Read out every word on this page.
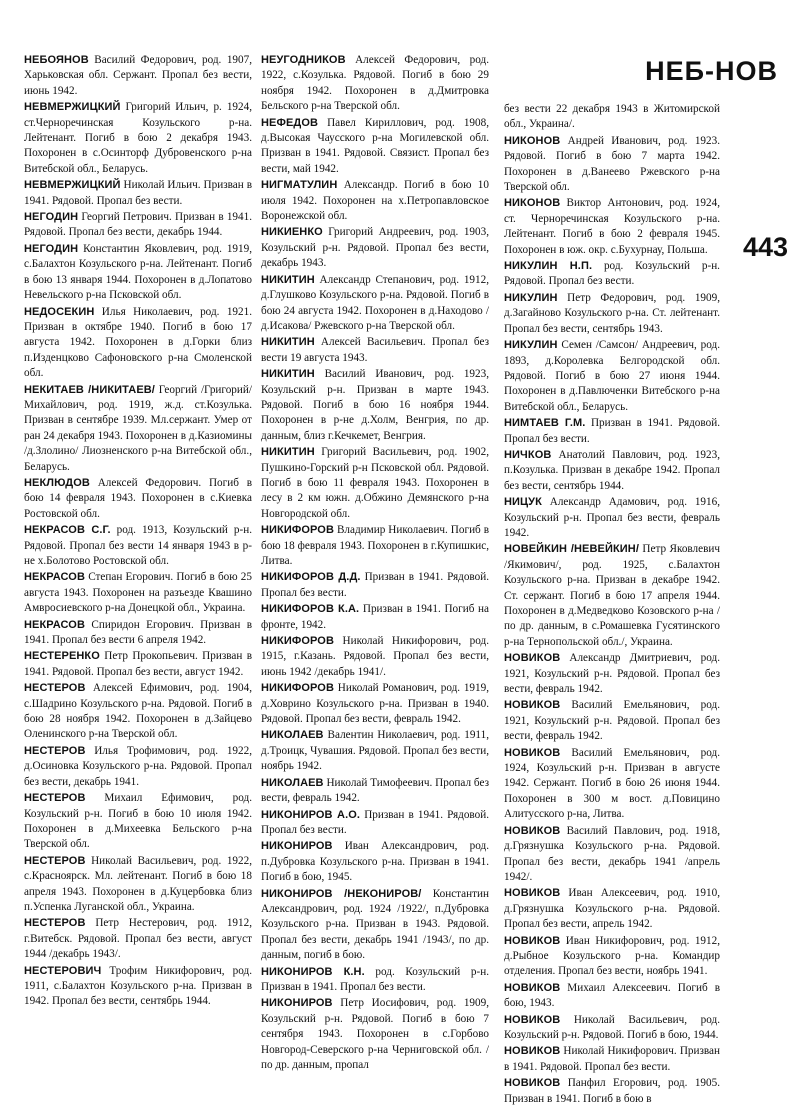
НЕБ-НОВ
443

НЕБОЯНОВ Василий Федорович, род. 1907, Харьковская обл. Сержант. Пропал без вести, июнь 1942.

НЕВМЕРЖИЦКИЙ Григорий Ильич, р. 1924, ст.Черноречинская Козульского р-на. Лейтенант. Погиб в бою 2 декабря 1943. Похоронен в с.Осинторф Дубровенского р-на Витебской обл., Беларусь.

НЕВМЕРЖИЦКИЙ Николай Ильич. Призван в 1941. Рядовой. Пропал без вести.

НЕГОДИН Георгий Петрович. Призван в 1941. Рядовой. Пропал без вести, декабрь 1944.

НЕГОДИН Константин Яковлевич, род. 1919, с.Балахтон Козульского р-на. Лейтенант. Погиб в бою 13 января 1944. Похоронен в д.Лопатово Невельского р-на Псковской обл.

НЕДОСЕКИН Илья Николаевич, род. 1921. Призван в октябре 1940. Погиб в бою 17 августа 1942. Похоронен в д.Горки близ п.Изденцково Сафоновского р-на Смоленской обл.

НЕКИТАЕВ /НИКИТАЕВ/ Георгий /Григорий/ Михайлович, род. 1919, ж.д. ст.Козулька. Призван в сентябре 1939. Мл.сержант. Умер от ран 24 декабря 1943. Похоронен в д.Казиомины /д.Злолино/ Лиозненского р-на Витебской обл., Беларусь.

НЕКЛЮДОВ Алексей Федорович. Погиб в бою 14 февраля 1943. Похоронен в с.Киевка Ростовской обл.

НЕКРАСОВ С.Г. род. 1913, Козульский р-н. Рядовой. Пропал без вести 14 января 1943 в р-не х.Болотово Ростовской обл.

НЕКРАСОВ Степан Егорович. Погиб в бою 25 августа 1943. Похоронен на разъезде Квашино Амвросиевского р-на Донецкой обл., Украина.

НЕКРАСОВ Спиридон Егорович. Призван в 1941. Пропал без вести 6 апреля 1942.

НЕСТЕРЕНКО Петр Прокопьевич. Призван в 1941. Рядовой. Пропал без вести, август 1942.

НЕСТЕРОВ Алексей Ефимович, род. 1904, с.Шадрино Козульского р-на. Рядовой. Погиб в бою 28 ноября 1942. Похоронен в д.Зайцево Оленинского р-на Тверской обл.

НЕСТЕРОВ Илья Трофимович, род. 1922, д.Осиновка Козульского р-на. Рядовой. Пропал без вести, декабрь 1941.

НЕСТЕРОВ Михаил Ефимович, род. Козульский р-н. Погиб в бою 10 июля 1942. Похоронен в д.Михеевка Бельского р-на Тверской обл.

НЕСТЕРОВ Николай Васильевич, род. 1922, с.Красноярск. Мл. лейтенант. Погиб в бою 18 апреля 1943. Похоронен в д.Куцербовка близ п.Успенка Луганской обл., Украина.

НЕСТЕРОВ Петр Нестерович, род. 1912, г.Витебск. Рядовой. Пропал без вести, август 1944 /декабрь 1943/.

НЕСТЕРОВИЧ Трофим Никифорович, род. 1911, с.Балахтон Козульского р-на. Призван в 1942. Пропал без вести, сентябрь 1944.

НЕУГОДНИКОВ Алексей Федорович, род. 1922, с.Козулька. Рядовой. Погиб в бою 29 ноября 1942. Похоронен в д.Дмитровка Бельского р-на Тверской обл.

НЕФЕДОВ Павел Кириллович, род. 1908, д.Высокая Чаусского р-на Могилевской обл. Призван в 1941. Рядовой. Связист. Пропал без вести, май 1942.

НИГМАТУЛИН Александр. Погиб в бою 10 июля 1942. Похоронен на х.Петропавловское Воронежской обл.

НИКИЕНКО Григорий Андреевич, род. 1903, Козульский р-н. Рядовой. Пропал без вести, декабрь 1943.

НИКИТИН Александр Степанович, род. 1912, д.Глушково Козульского р-на. Рядовой. Погиб в бою 24 августа 1942. Похоронен в д.Находово /д.Исакова/ Ржевского р-на Тверской обл.

НИКИТИН Алексей Васильевич. Пропал без вести 19 августа 1943.

НИКИТИН Василий Иванович, род. 1923, Козульский р-н. Призван в марте 1943. Рядовой. Погиб в бою 16 ноября 1944. Похоронен в р-не д.Холм, Венгрия, по др. данным, близ г.Кечкемет, Венгрия.

НИКИТИН Григорий Васильевич, род. 1902, Пушкино-Горский р-н Псковской обл. Рядовой. Погиб в бою 11 февраля 1943. Похоронен в лесу в 2 км южн. д.Обжино Демянского р-на Новгородской обл.

НИКИФОРОВ Владимир Николаевич. Погиб в бою 18 февраля 1943. Похоронен в г.Купишкис, Литва.

НИКИФОРОВ Д.Д. Призван в 1941. Рядовой. Пропал без вести.

НИКИФОРОВ К.А. Призван в 1941. Погиб на фронте, 1942.

НИКИФОРОВ Николай Никифорович, род. 1915, г.Казань. Рядовой. Пропал без вести, июнь 1942 /декабрь 1941/.

НИКИФОРОВ Николай Романович, род. 1919, д.Ховрино Козульского р-на. Призван в 1940. Рядовой. Пропал без вести, февраль 1942.

НИКОЛАЕВ Валентин Николаевич, род. 1911, д.Троицк, Чувашия. Рядовой. Пропал без вести, ноябрь 1942.

НИКОЛАЕВ Николай Тимофеевич. Пропал без вести, февраль 1942.

НИКОНИРОВ А.О. Призван в 1941. Рядовой. Пропал без вести.

НИКОНИРОВ Иван Александрович, род. п.Дубровка Козульского р-на. Призван в 1941. Погиб в бою, 1945.

НИКОНИРОВ /НЕКОНИРОВ/ Константин Александрович, род. 1924 /1922/, п.Дубровка Козульского р-на. Призван в 1943. Рядовой. Пропал без вести, декабрь 1941 /1943/, по др. данным, погиб в бою.

НИКОНИРОВ К.Н. род. Козульский р-н. Призван в 1941. Пропал без вести.

НИКОНИРОВ Петр Иосифович, род. 1909, Козульский р-н. Рядовой. Погиб в бою 7 сентября 1943. Похоронен в с.Горбово Новгород-Северского р-на Черниговской обл. /по др. данным, пропал

без вести 22 декабря 1943 в Житомирской обл., Украина/.

НИКОНОВ Андрей Иванович, род. 1923. Рядовой. Погиб в бою 7 марта 1942. Похоронен в д.Ванеево Ржевского р-на Тверской обл.

НИКОНОВ Виктор Антонович, род. 1924, ст. Черноречинская Козульского р-на. Лейтенант. Погиб в бою 2 февраля 1945. Похоронен в юж. окр. с.Бухурнау, Польша.

НИКУЛИН Н.П. род. Козульский р-н. Рядовой. Пропал без вести.

НИКУЛИН Петр Федорович, род. 1909, д.Загайново Козульского р-на. Ст. лейтенант. Пропал без вести, сентябрь 1943.

НИКУЛИН Семен /Самсон/ Андреевич, род. 1893, д.Королевка Белгородской обл. Рядовой. Погиб в бою 27 июня 1944. Похоронен в д.Павлюченки Витебского р-на Витебской обл., Беларусь.

НИМТАЕВ Г.М. Призван в 1941. Рядовой. Пропал без вести.

НИЧКОВ Анатолий Павлович, род. 1923, п.Козулька. Призван в декабре 1942. Пропал без вести, сентябрь 1944.

НИЦУК Александр Адамович, род. 1916, Козульский р-н. Пропал без вести, февраль 1942.

НОВЕЙКИН /НЕВЕЙКИН/ Петр Яковлевич /Якимович/, род. 1925, с.Балахтон Козульского р-на. Призван в декабре 1942. Ст. сержант. Погиб в бою 17 апреля 1944. Похоронен в д.Медведково Козовского р-на /по др. данным, в с.Ромашевка Гусятинского р-на Тернопольской обл./, Украина.

НОВИКОВ Александр Дмитриевич, род. 1921, Козульский р-н. Рядовой. Пропал без вести, февраль 1942.

НОВИКОВ Василий Емельянович, род. 1921, Козульский р-н. Рядовой. Пропал без вести, февраль 1942.

НОВИКОВ Василий Емельянович, род. 1924, Козульский р-н. Призван в августе 1942. Сержант. Погиб в бою 26 июня 1944. Похоронен в 300 м вост. д.Повицино Алитусского р-на, Литва.

НОВИКОВ Василий Павлович, род. 1918, д.Грязнушка Козульского р-на. Рядовой. Пропал без вести, декабрь 1941 /апрель 1942/.

НОВИКОВ Иван Алексеевич, род. 1910, д.Грязнушка Козульского р-на. Рядовой. Пропал без вести, апрель 1942.

НОВИКОВ Иван Никифорович, род. 1912, д.Рыбное Козульского р-на. Командир отделения. Пропал без вести, ноябрь 1941.

НОВИКОВ Михаил Алексеевич. Погиб в бою, 1943.

НОВИКОВ Николай Васильевич, род. Козульский р-н. Рядовой. Погиб в бою, 1944.

НОВИКОВ Николай Никифорович. Призван в 1941. Рядовой. Пропал без вести.

НОВИКОВ Панфил Егорович, род. 1905. Призван в 1941. Погиб в бою в
